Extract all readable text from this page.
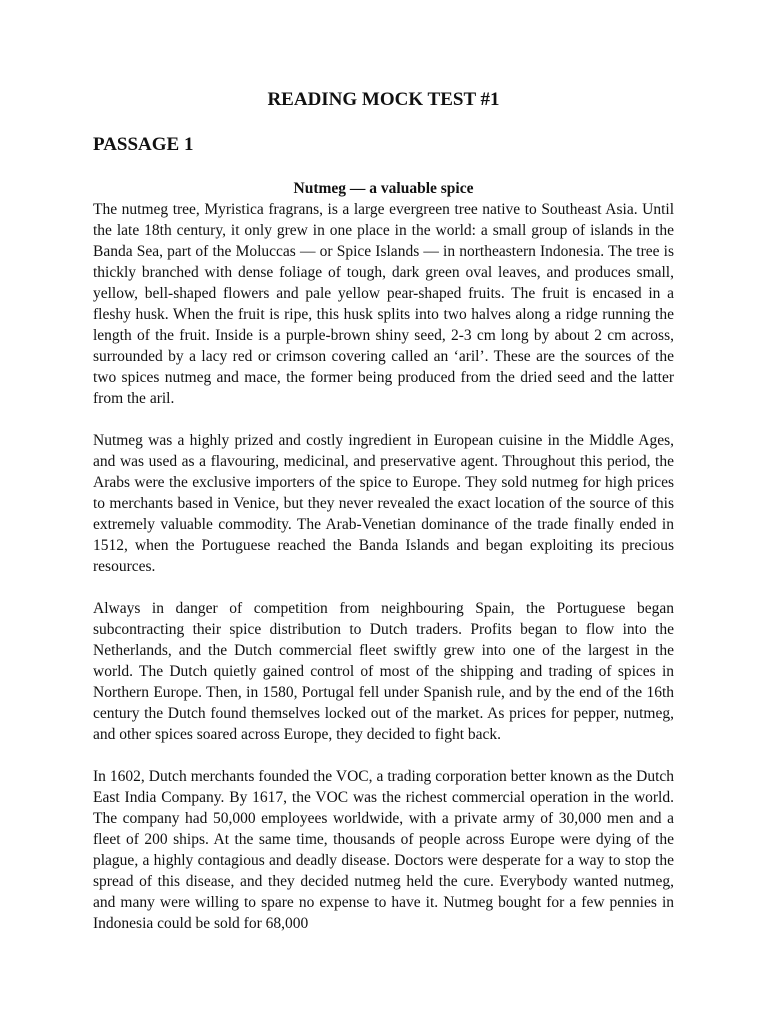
READING MOCK TEST #1
PASSAGE 1
Nutmeg — a valuable spice

The nutmeg tree, Myristica fragrans, is a large evergreen tree native to Southeast Asia. Until the late 18th century, it only grew in one place in the world: a small group of islands in the Banda Sea, part of the Moluccas — or Spice Islands — in northeastern Indonesia. The tree is thickly branched with dense foliage of tough, dark green oval leaves, and produces small, yellow, bell-shaped flowers and pale yellow pear-shaped fruits. The fruit is encased in a fleshy husk. When the fruit is ripe, this husk splits into two halves along a ridge running the length of the fruit. Inside is a purple-brown shiny seed, 2-3 cm long by about 2 cm across, surrounded by a lacy red or crimson covering called an ‘aril’. These are the sources of the two spices nutmeg and mace, the former being produced from the dried seed and the latter from the aril.

Nutmeg was a highly prized and costly ingredient in European cuisine in the Middle Ages, and was used as a flavouring, medicinal, and preservative agent. Throughout this period, the Arabs were the exclusive importers of the spice to Europe. They sold nutmeg for high prices to merchants based in Venice, but they never revealed the exact location of the source of this extremely valuable commodity. The Arab-Venetian dominance of the trade finally ended in 1512, when the Portuguese reached the Banda Islands and began exploiting its precious resources.

Always in danger of competition from neighbouring Spain, the Portuguese began subcontracting their spice distribution to Dutch traders. Profits began to flow into the Netherlands, and the Dutch commercial fleet swiftly grew into one of the largest in the world. The Dutch quietly gained control of most of the shipping and trading of spices in Northern Europe. Then, in 1580, Portugal fell under Spanish rule, and by the end of the 16th century the Dutch found themselves locked out of the market. As prices for pepper, nutmeg, and other spices soared across Europe, they decided to fight back.

In 1602, Dutch merchants founded the VOC, a trading corporation better known as the Dutch East India Company. By 1617, the VOC was the richest commercial operation in the world. The company had 50,000 employees worldwide, with a private army of 30,000 men and a fleet of 200 ships. At the same time, thousands of people across Europe were dying of the plague, a highly contagious and deadly disease. Doctors were desperate for a way to stop the spread of this disease, and they decided nutmeg held the cure. Everybody wanted nutmeg, and many were willing to spare no expense to have it. Nutmeg bought for a few pennies in Indonesia could be sold for 68,000
